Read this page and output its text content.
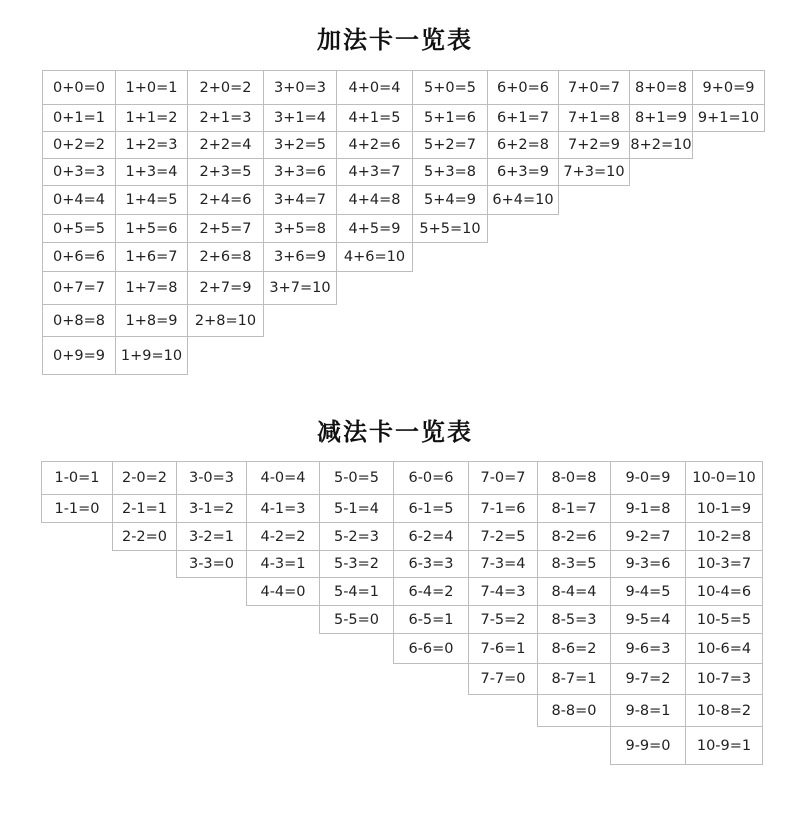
加法卡一览表
0+0=0
0+1=1
0+2=2
0+3=3
0+4=4
0+5=5
0+6=6
0+7=7
0+8=8
0+9=9
1+0=1
1+1=2
1+2=3
1+3=4
1+4=5
1+5=6
1+6=7
1+7=8
1+8=9
1+9=10
2+0=2
2+1=3
2+2=4
2+3=5
2+4=6
2+5=7
2+6=8
2+7=9
2+8=10
3+0=3
3+1=4
3+2=5
3+3=6
3+4=7
3+5=8
3+6=9
3+7=10
4+0=4
4+1=5
4+2=6
4+3=7
4+4=8
4+5=9
4+6=10
5+0=5
5+1=6
5+2=7
5+3=8
5+4=9
5+5=10
6+0=6
6+1=7
6+2=8
6+3=9
6+4=10
7+0=7
7+1=8
7+2=9
7+3=10
8+0=8
8+1=9
8+2=10
9+0=9
9+1=10
减法卡一览表
1-0=1
1-1=0
2-0=2
2-1=1
2-2=0
3-0=3
3-1=2
3-2=1
3-3=0
4-0=4
4-1=3
4-2=2
4-3=1
4-4=0
5-0=5
5-1=4
5-2=3
5-3=2
5-4=1
5-5=0
6-0=6
6-1=5
6-2=4
6-3=3
6-4=2
6-5=1
6-6=0
7-0=7
7-1=6
7-2=5
7-3=4
7-4=3
7-5=2
7-6=1
7-7=0
8-0=8
8-1=7
8-2=6
8-3=5
8-4=4
8-5=3
8-6=2
8-7=1
8-8=0
9-0=9
9-1=8
9-2=7
9-3=6
9-4=5
9-5=4
9-6=3
9-7=2
9-8=1
9-9=0
10-0=10
10-1=9
10-2=8
10-3=7
10-4=6
10-5=5
10-6=4
10-7=3
10-8=2
10-9=1
